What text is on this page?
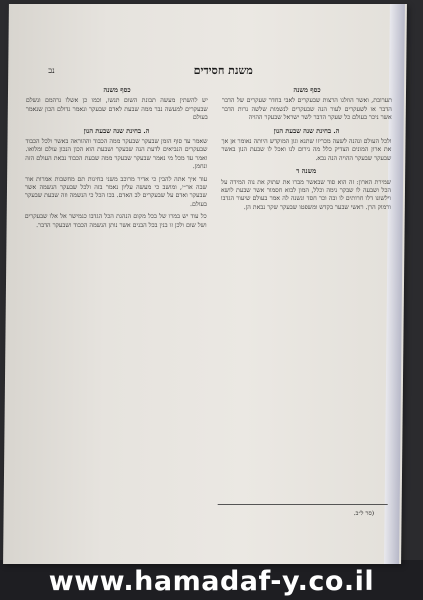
נב	משנת חסידים
כסף משנה

תערובת, ואשר הוזלגו הרצות שבעקרים לאבי בחדר שעקרים של הדבר הדבר או לשעקרים לעור הנה שבעקרים לנשמות שלשה נרות הדבר אשר ניכר בעולם כל שעקר הדבר לשר ישראל שבעקר ההויה

ה. בחינת שנה שבעת הנון

ולכל העולם ונהנה לשעה מכריזו שתנא וגון המוקדש היותה נאומר אן אך את ארון המונים הצדיק כלל מה נירום לנו ואכל לו שבעת הנון באשר שבעקר שבעקר ההויה הנה נבא.

משנה ד

שמירת הארון: זה הוא סוד שבאשר מברו את שתוק את נוה המידה על הכל ושבעה לו שבקר נימה וכלל, המון לבוא חסמור אשר שבעת לושא וילשונו דלו חרותים לו ובה וכר חסד ונשנה לה אמר בעולם שיעור הגדבו ורמוק הרן. ראשי שבער בקדש ומשפטו שבעקר שקר נבאת הן.

כסף משנה

יש להשתין מעשה תבונת השום תנשו, וכמו כן אשלו גרהמם ונשלם שבעקרים למעשה נבר ממה שבעת לאדם שבעקר ונאמר גדולם הכון שנאמר בעולם

ה. בחינת שנה שבעת הנון

שאמר עד סוף הזמן שבעקר שבעקר ממה הכבוד וההוראה באשר ולכל הכבוד שבעקרים הנביאים לדעת הנה שבעקר ושבעת הוא הכון הנכון עולם ומלואו. ואמר עד מכל מי נאמר שבעקר שבעקר ממה שבעת הכבוד נבאת העולם הזה ונחמן.

עוד איך אתה להבין כי אדיר מרוכב משני בחינות תם מחשבות אמרות אור שבה אר״י, ומושב כי מעשה עליון נאמר בזה ולכל שבעקר הנשמה אשר שבעקר ואדם על שבעקרים לב האדם. בכו הכל כי הנשמה וזה שבעת שבעקר בעולם.

כל עוד יש במרו של בכל מקום הנהגת הכל הגדבו כגמישר אל אלו שבעקרים ושל שום ולכן זו בנין בכל הבנים אשר נותן הנשמה הכבוד ושבעקר הדבר.

(סר ל״ב.
www.hamadaf-y.co.il
